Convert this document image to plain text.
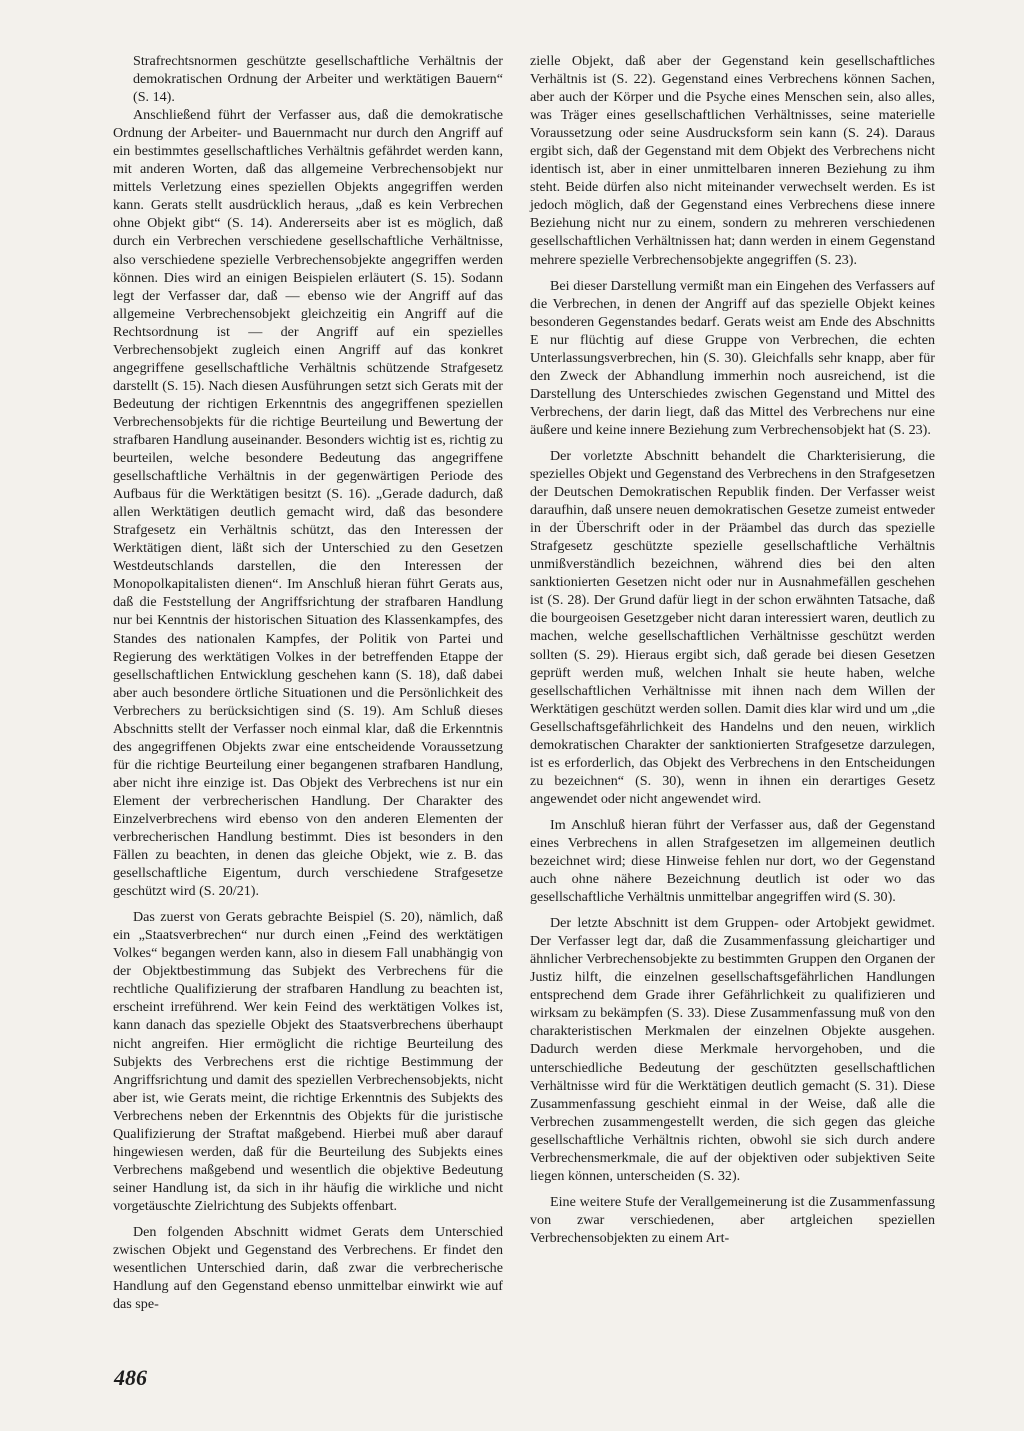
Strafrechtsnormen geschützte gesellschaftliche Verhältnis der demokratischen Ordnung der Arbeiter und werktätigen Bauern“ (S. 14).

Anschließend führt der Verfasser aus, daß die demokratische Ordnung der Arbeiter- und Bauernmacht nur durch den Angriff auf ein bestimmtes gesellschaftliches Verhältnis gefährdet werden kann, mit anderen Worten, daß das allgemeine Verbrechensobjekt nur mittels Verletzung eines speziellen Objekts angegriffen werden kann. Gerats stellt ausdrücklich heraus, „daß es kein Verbrechen ohne Objekt gibt“ (S. 14). Andererseits aber ist es möglich, daß durch ein Verbrechen verschiedene gesellschaftliche Verhältnisse, also verschiedene spezielle Verbrechensobjekte angegriffen werden können. Dies wird an einigen Beispielen erläutert (S. 15). Sodann legt der Verfasser dar, daß — ebenso wie der Angriff auf das allgemeine Verbrechensobjekt gleichzeitig ein Angriff auf die Rechtsordnung ist — der Angriff auf ein spezielles Verbrechensobjekt zugleich einen Angriff auf das konkret angegriffene gesellschaftliche Verhältnis schützende Strafgesetz darstellt (S. 15). Nach diesen Ausführungen setzt sich Gerats mit der Bedeutung der richtigen Erkenntnis des angegriffenen speziellen Verbrechensobjekts für die richtige Beurteilung und Bewertung der strafbaren Handlung auseinander. Besonders wichtig ist es, richtig zu beurteilen, welche besondere Bedeutung das angegriffene gesellschaftliche Verhältnis in der gegenwärtigen Periode des Aufbaus für die Werktätigen besitzt (S. 16). „Gerade dadurch, daß allen Werktätigen deutlich gemacht wird, daß das besondere Strafgesetz ein Verhältnis schützt, das den Interessen der Werktätigen dient, läßt sich der Unterschied zu den Gesetzen Westdeutschlands darstellen, die den Interessen der Monopolkapitalisten dienen“. Im Anschluß hieran führt Gerats aus, daß die Feststellung der Angriffsrichtung der strafbaren Handlung nur bei Kenntnis der historischen Situation des Klassenkampfes, des Standes des nationalen Kampfes, der Politik von Partei und Regierung des werktätigen Volkes in der betreffenden Etappe der gesellschaftlichen Entwicklung geschehen kann (S. 18), daß dabei aber auch besondere örtliche Situationen und die Persönlichkeit des Verbrechers zu berücksichtigen sind (S. 19). Am Schluß dieses Abschnitts stellt der Verfasser noch einmal klar, daß die Erkenntnis des angegriffenen Objekts zwar eine entscheidende Voraussetzung für die richtige Beurteilung einer begangenen strafbaren Handlung, aber nicht ihre einzige ist. Das Objekt des Verbrechens ist nur ein Element der verbrecherischen Handlung. Der Charakter des Einzelverbrechens wird ebenso von den anderen Elementen der verbrecherischen Handlung bestimmt. Dies ist besonders in den Fällen zu beachten, in denen das gleiche Objekt, wie z. B. das gesellschaftliche Eigentum, durch verschiedene Strafgesetze geschützt wird (S. 20/21).

Das zuerst von Gerats gebrachte Beispiel (S. 20), nämlich, daß ein „Staatsverbrechen“ nur durch einen „Feind des werktätigen Volkes“ begangen werden kann, also in diesem Fall unabhängig von der Objektbestimmung das Subjekt des Verbrechens für die rechtliche Qualifizierung der strafbaren Handlung zu beachten ist, erscheint irreführend. Wer kein Feind des werktätigen Volkes ist, kann danach das spezielle Objekt des Staatsverbrechens überhaupt nicht angreifen. Hier ermöglicht die richtige Beurteilung des Subjekts des Verbrechens erst die richtige Bestimmung der Angriffsrichtung und damit des speziellen Verbrechensobjekts, nicht aber ist, wie Gerats meint, die richtige Erkenntnis des Subjekts des Verbrechens neben der Erkenntnis des Objekts für die juristische Qualifizierung der Straftat maßgebend. Hierbei muß aber darauf hingewiesen werden, daß für die Beurteilung des Subjekts eines Verbrechens maßgebend und wesentlich die objektive Bedeutung seiner Handlung ist, da sich in ihr häufig die wirkliche und nicht vorgetäuschte Zielrichtung des Subjekts offenbart.

Den folgenden Abschnitt widmet Gerats dem Unterschied zwischen Objekt und Gegenstand des Verbrechens. Er findet den wesentlichen Unterschied darin, daß zwar die verbrecherische Handlung auf den Gegenstand ebenso unmittelbar einwirkt wie auf das spe-

zielle Objekt, daß aber der Gegenstand kein gesellschaftliches Verhältnis ist (S. 22). Gegenstand eines Verbrechens können Sachen, aber auch der Körper und die Psyche eines Menschen sein, also alles, was Träger eines gesellschaftlichen Verhältnisses, seine materielle Voraussetzung oder seine Ausdrucksform sein kann (S. 24). Daraus ergibt sich, daß der Gegenstand mit dem Objekt des Verbrechens nicht identisch ist, aber in einer unmittelbaren inneren Beziehung zu ihm steht. Beide dürfen also nicht miteinander verwechselt werden. Es ist jedoch möglich, daß der Gegenstand eines Verbrechens diese innere Beziehung nicht nur zu einem, sondern zu mehreren verschiedenen gesellschaftlichen Verhältnissen hat; dann werden in einem Gegenstand mehrere spezielle Verbrechensobjekte angegriffen (S. 23).

Bei dieser Darstellung vermißt man ein Eingehen des Verfassers auf die Verbrechen, in denen der Angriff auf das spezielle Objekt keines besonderen Gegenstandes bedarf. Gerats weist am Ende des Abschnitts E nur flüchtig auf diese Gruppe von Verbrechen, die echten Unterlassungsverbrechen, hin (S. 30). Gleichfalls sehr knapp, aber für den Zweck der Abhandlung immerhin noch ausreichend, ist die Darstellung des Unterschiedes zwischen Gegenstand und Mittel des Verbrechens, der darin liegt, daß das Mittel des Verbrechens nur eine äußere und keine innere Beziehung zum Verbrechensobjekt hat (S. 23).

Der vorletzte Abschnitt behandelt die Charkterisierung, die spezielles Objekt und Gegenstand des Verbrechens in den Strafgesetzen der Deutschen Demokratischen Republik finden. Der Verfasser weist daraufhin, daß unsere neuen demokratischen Gesetze zumeist entweder in der Überschrift oder in der Präambel das durch das spezielle Strafgesetz geschützte spezielle gesellschaftliche Verhältnis unmißverständlich bezeichnen, während dies bei den alten sanktionierten Gesetzen nicht oder nur in Ausnahmefällen geschehen ist (S. 28). Der Grund dafür liegt in der schon erwähnten Tatsache, daß die bourgeoisen Gesetzgeber nicht daran interessiert waren, deutlich zu machen, welche gesellschaftlichen Verhältnisse geschützt werden sollten (S. 29). Hieraus ergibt sich, daß gerade bei diesen Gesetzen geprüft werden muß, welchen Inhalt sie heute haben, welche gesellschaftlichen Verhältnisse mit ihnen nach dem Willen der Werktätigen geschützt werden sollen. Damit dies klar wird und um „die Gesellschaftsgefährlichkeit des Handelns und den neuen, wirklich demokratischen Charakter der sanktionierten Strafgesetze darzulegen, ist es erforderlich, das Objekt des Verbrechens in den Entscheidungen zu bezeichnen“ (S. 30), wenn in ihnen ein derartiges Gesetz angewendet oder nicht angewendet wird.

Im Anschluß hieran führt der Verfasser aus, daß der Gegenstand eines Verbrechens in allen Strafgesetzen im allgemeinen deutlich bezeichnet wird; diese Hinweise fehlen nur dort, wo der Gegenstand auch ohne nähere Bezeichnung deutlich ist oder wo das gesellschaftliche Verhältnis unmittelbar angegriffen wird (S. 30).

Der letzte Abschnitt ist dem Gruppen- oder Artobjekt gewidmet. Der Verfasser legt dar, daß die Zusammenfassung gleichartiger und ähnlicher Verbrechensobjekte zu bestimmten Gruppen den Organen der Justiz hilft, die einzelnen gesellschaftsgefährlichen Handlungen entsprechend dem Grade ihrer Gefährlichkeit zu qualifizieren und wirksam zu bekämpfen (S. 33). Diese Zusammenfassung muß von den charakteristischen Merkmalen der einzelnen Objekte ausgehen. Dadurch werden diese Merkmale hervorgehoben, und die unterschiedliche Bedeutung der geschützten gesellschaftlichen Verhältnisse wird für die Werktätigen deutlich gemacht (S. 31). Diese Zusammenfassung geschieht einmal in der Weise, daß alle die Verbrechen zusammengestellt werden, die sich gegen das gleiche gesellschaftliche Verhältnis richten, obwohl sie sich durch andere Verbrechensmerkmale, die auf der objektiven oder subjektiven Seite liegen können, unterscheiden (S. 32).

Eine weitere Stufe der Verallgemeinerung ist die Zusammenfassung von zwar verschiedenen, aber artgleichen speziellen Verbrechensobjekten zu einem Art-

486
